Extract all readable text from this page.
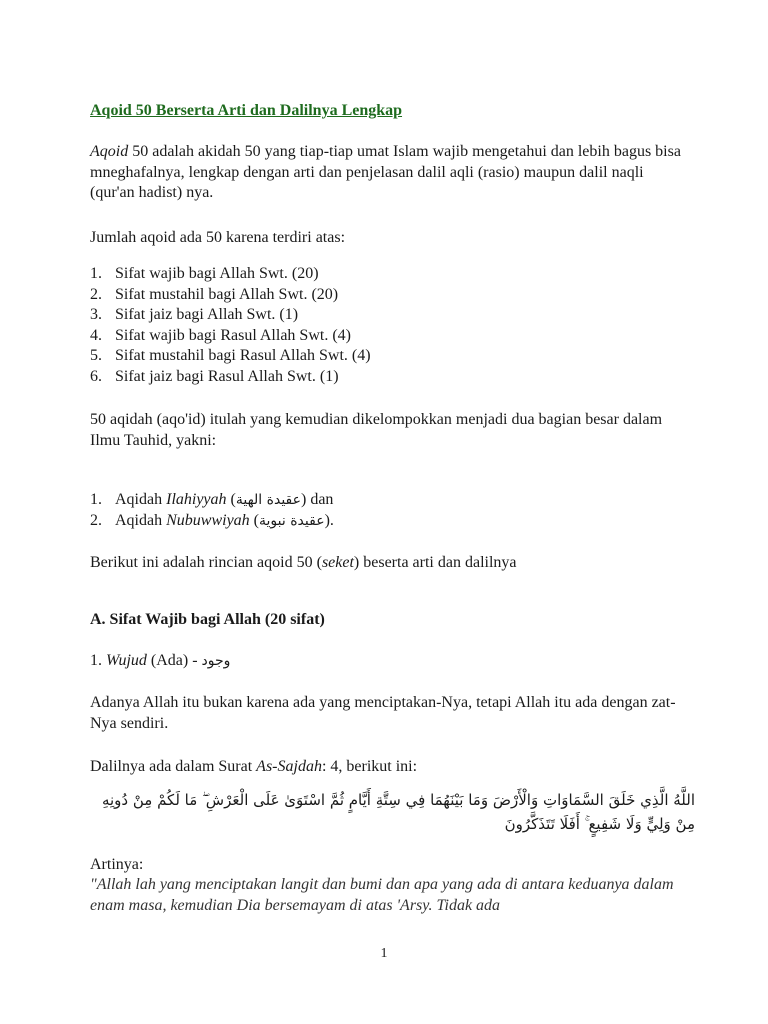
Aqoid 50 Berserta Arti dan Dalilnya Lengkap
Aqoid 50 adalah akidah 50 yang tiap-tiap umat Islam wajib mengetahui dan lebih bagus bisa mneghafalnya, lengkap dengan arti dan penjelasan dalil aqli (rasio) maupun dalil naqli (qur'an hadist) nya.
Jumlah aqoid ada 50 karena terdiri atas:
1. Sifat wajib bagi Allah Swt. (20)
2. Sifat mustahil bagi Allah Swt. (20)
3. Sifat jaiz bagi Allah Swt. (1)
4. Sifat wajib bagi Rasul Allah Swt. (4)
5. Sifat mustahil bagi Rasul Allah Swt. (4)
6. Sifat jaiz bagi Rasul Allah Swt. (1)
50 aqidah (aqo'id) itulah yang kemudian dikelompokkan menjadi dua bagian besar dalam Ilmu Tauhid, yakni:
1. Aqidah Ilahiyyah (عقيدة الهية) dan
2. Aqidah Nubuwwiyah (عقيدة نبوية).
Berikut ini adalah rincian aqoid 50 (seket) beserta arti dan dalilnya
A. Sifat Wajib bagi Allah (20 sifat)
1. Wujud (Ada) - وجود
Adanya Allah itu bukan karena ada yang menciptakan-Nya, tetapi Allah itu ada dengan zat-Nya sendiri.
Dalilnya ada dalam Surat As-Sajdah: 4, berikut ini:
اللَّهُ الَّذِي خَلَقَ السَّمَاوَاتِ وَالْأَرْضَ وَمَا بَيْنَهُمَا فِي سِتَّةِ أَيَّامٍ ثُمَّ اسْتَوَىٰ عَلَى الْعَرْشِ ۖ مَا لَكُمْ مِنْ دُونِهِ مِنْ وَلِيٍّ وَلَا شَفِيعٍ ۚ أَفَلَا تَتَذَكَّرُونَ
Artinya:
"Allah lah yang menciptakan langit dan bumi dan apa yang ada di antara keduanya dalam enam masa, kemudian Dia bersemayam di atas 'Arsy. Tidak ada
1
